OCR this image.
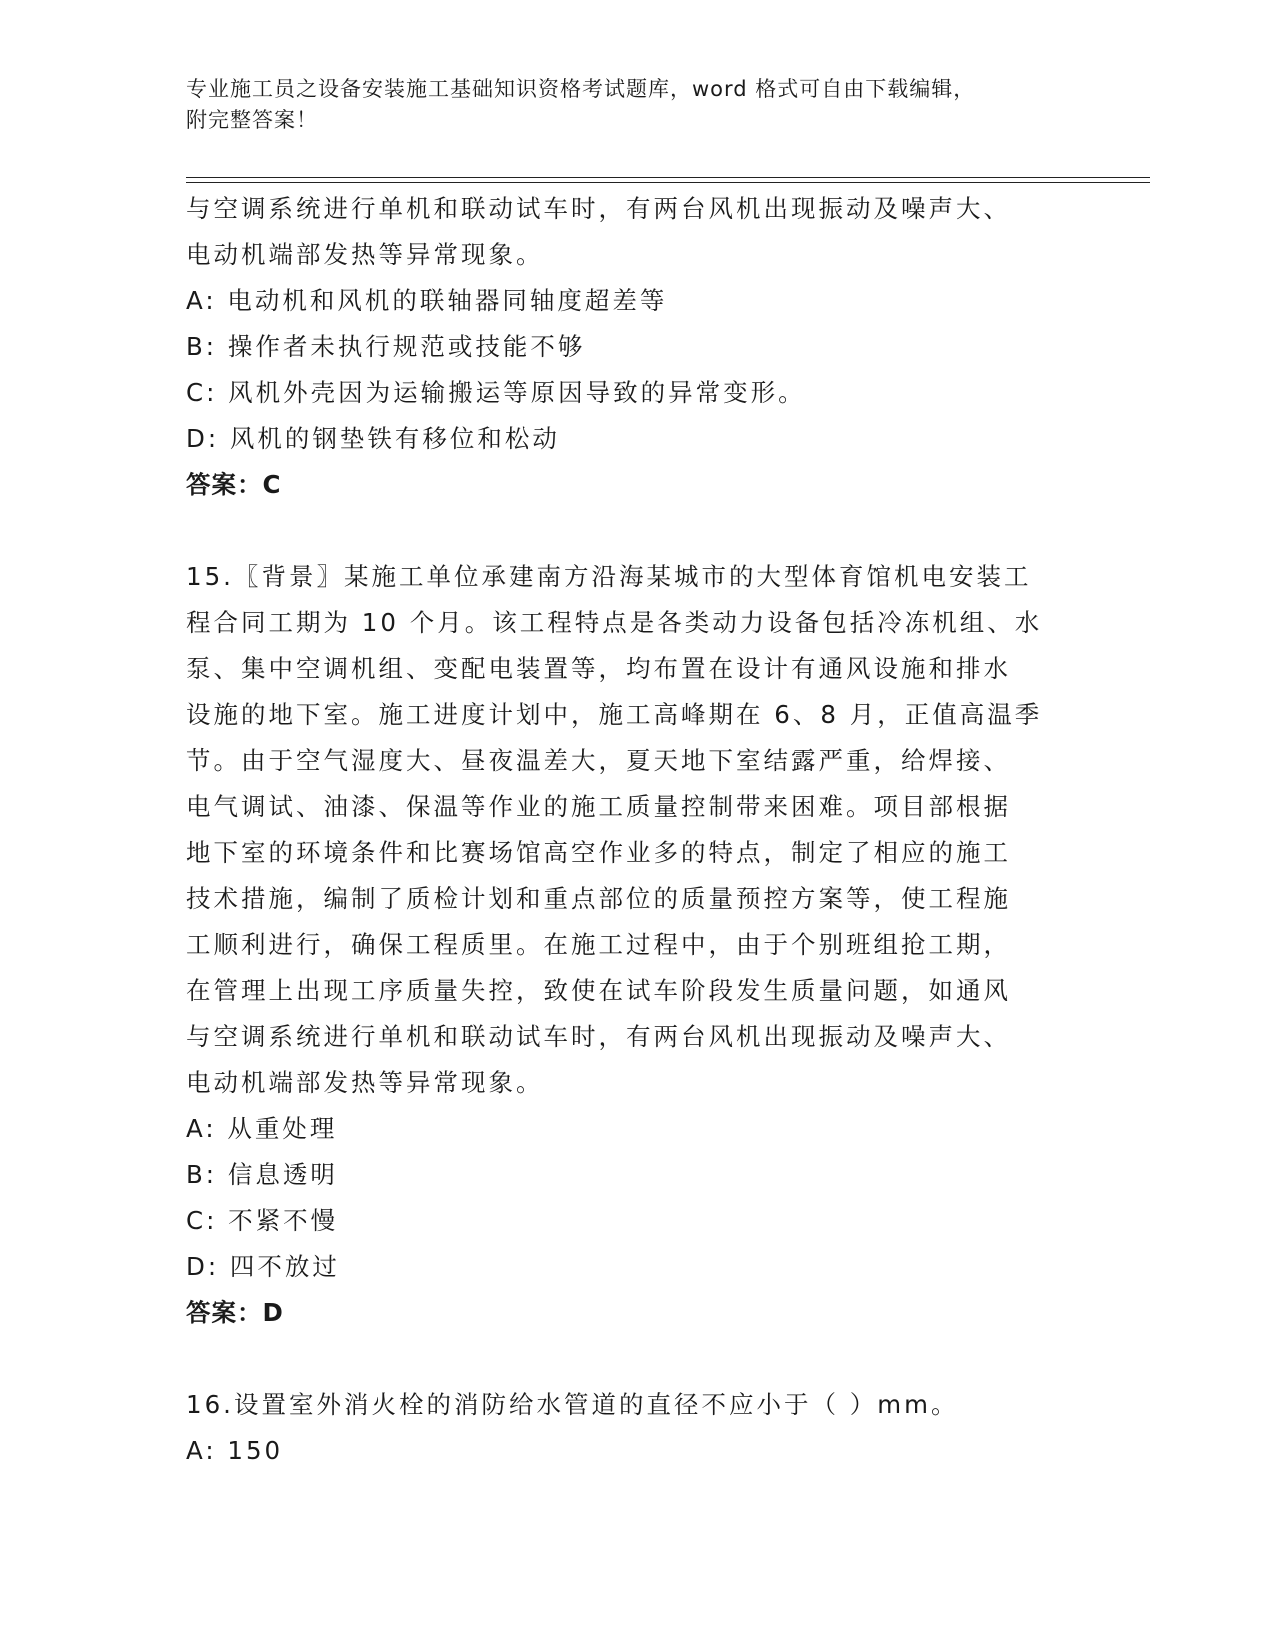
专业施工员之设备安装施工基础知识资格考试题库，word 格式可自由下载编辑，
附完整答案！
与空调系统进行单机和联动试车时，有两台风机出现振动及噪声大、
电动机端部发热等异常现象。
A: 电动机和风机的联轴器同轴度超差等
B: 操作者未执行规范或技能不够
C: 风机外壳因为运输搬运等原因导致的异常变形。
D: 风机的钢垫铁有移位和松动
答案：C
15.〖背景〗某施工单位承建南方沿海某城市的大型体育馆机电安装工
程合同工期为 10 个月。该工程特点是各类动力设备包括冷冻机组、水
泵、集中空调机组、变配电装置等，均布置在设计有通风设施和排水
设施的地下室。施工进度计划中，施工高峰期在 6、8 月，正值高温季
节。由于空气湿度大、昼夜温差大，夏天地下室结露严重，给焊接、
电气调试、油漆、保温等作业的施工质量控制带来困难。项目部根据
地下室的环境条件和比赛场馆高空作业多的特点，制定了相应的施工
技术措施，编制了质检计划和重点部位的质量预控方案等，使工程施
工顺利进行，确保工程质里。在施工过程中，由于个别班组抢工期，
在管理上出现工序质量失控，致使在试车阶段发生质量问题，如通风
与空调系统进行单机和联动试车时，有两台风机出现振动及噪声大、
电动机端部发热等异常现象。
A: 从重处理
B: 信息透明
C: 不紧不慢
D: 四不放过
答案：D
16.设置室外消火栓的消防给水管道的直径不应小于（ ）mm。
A: 150
